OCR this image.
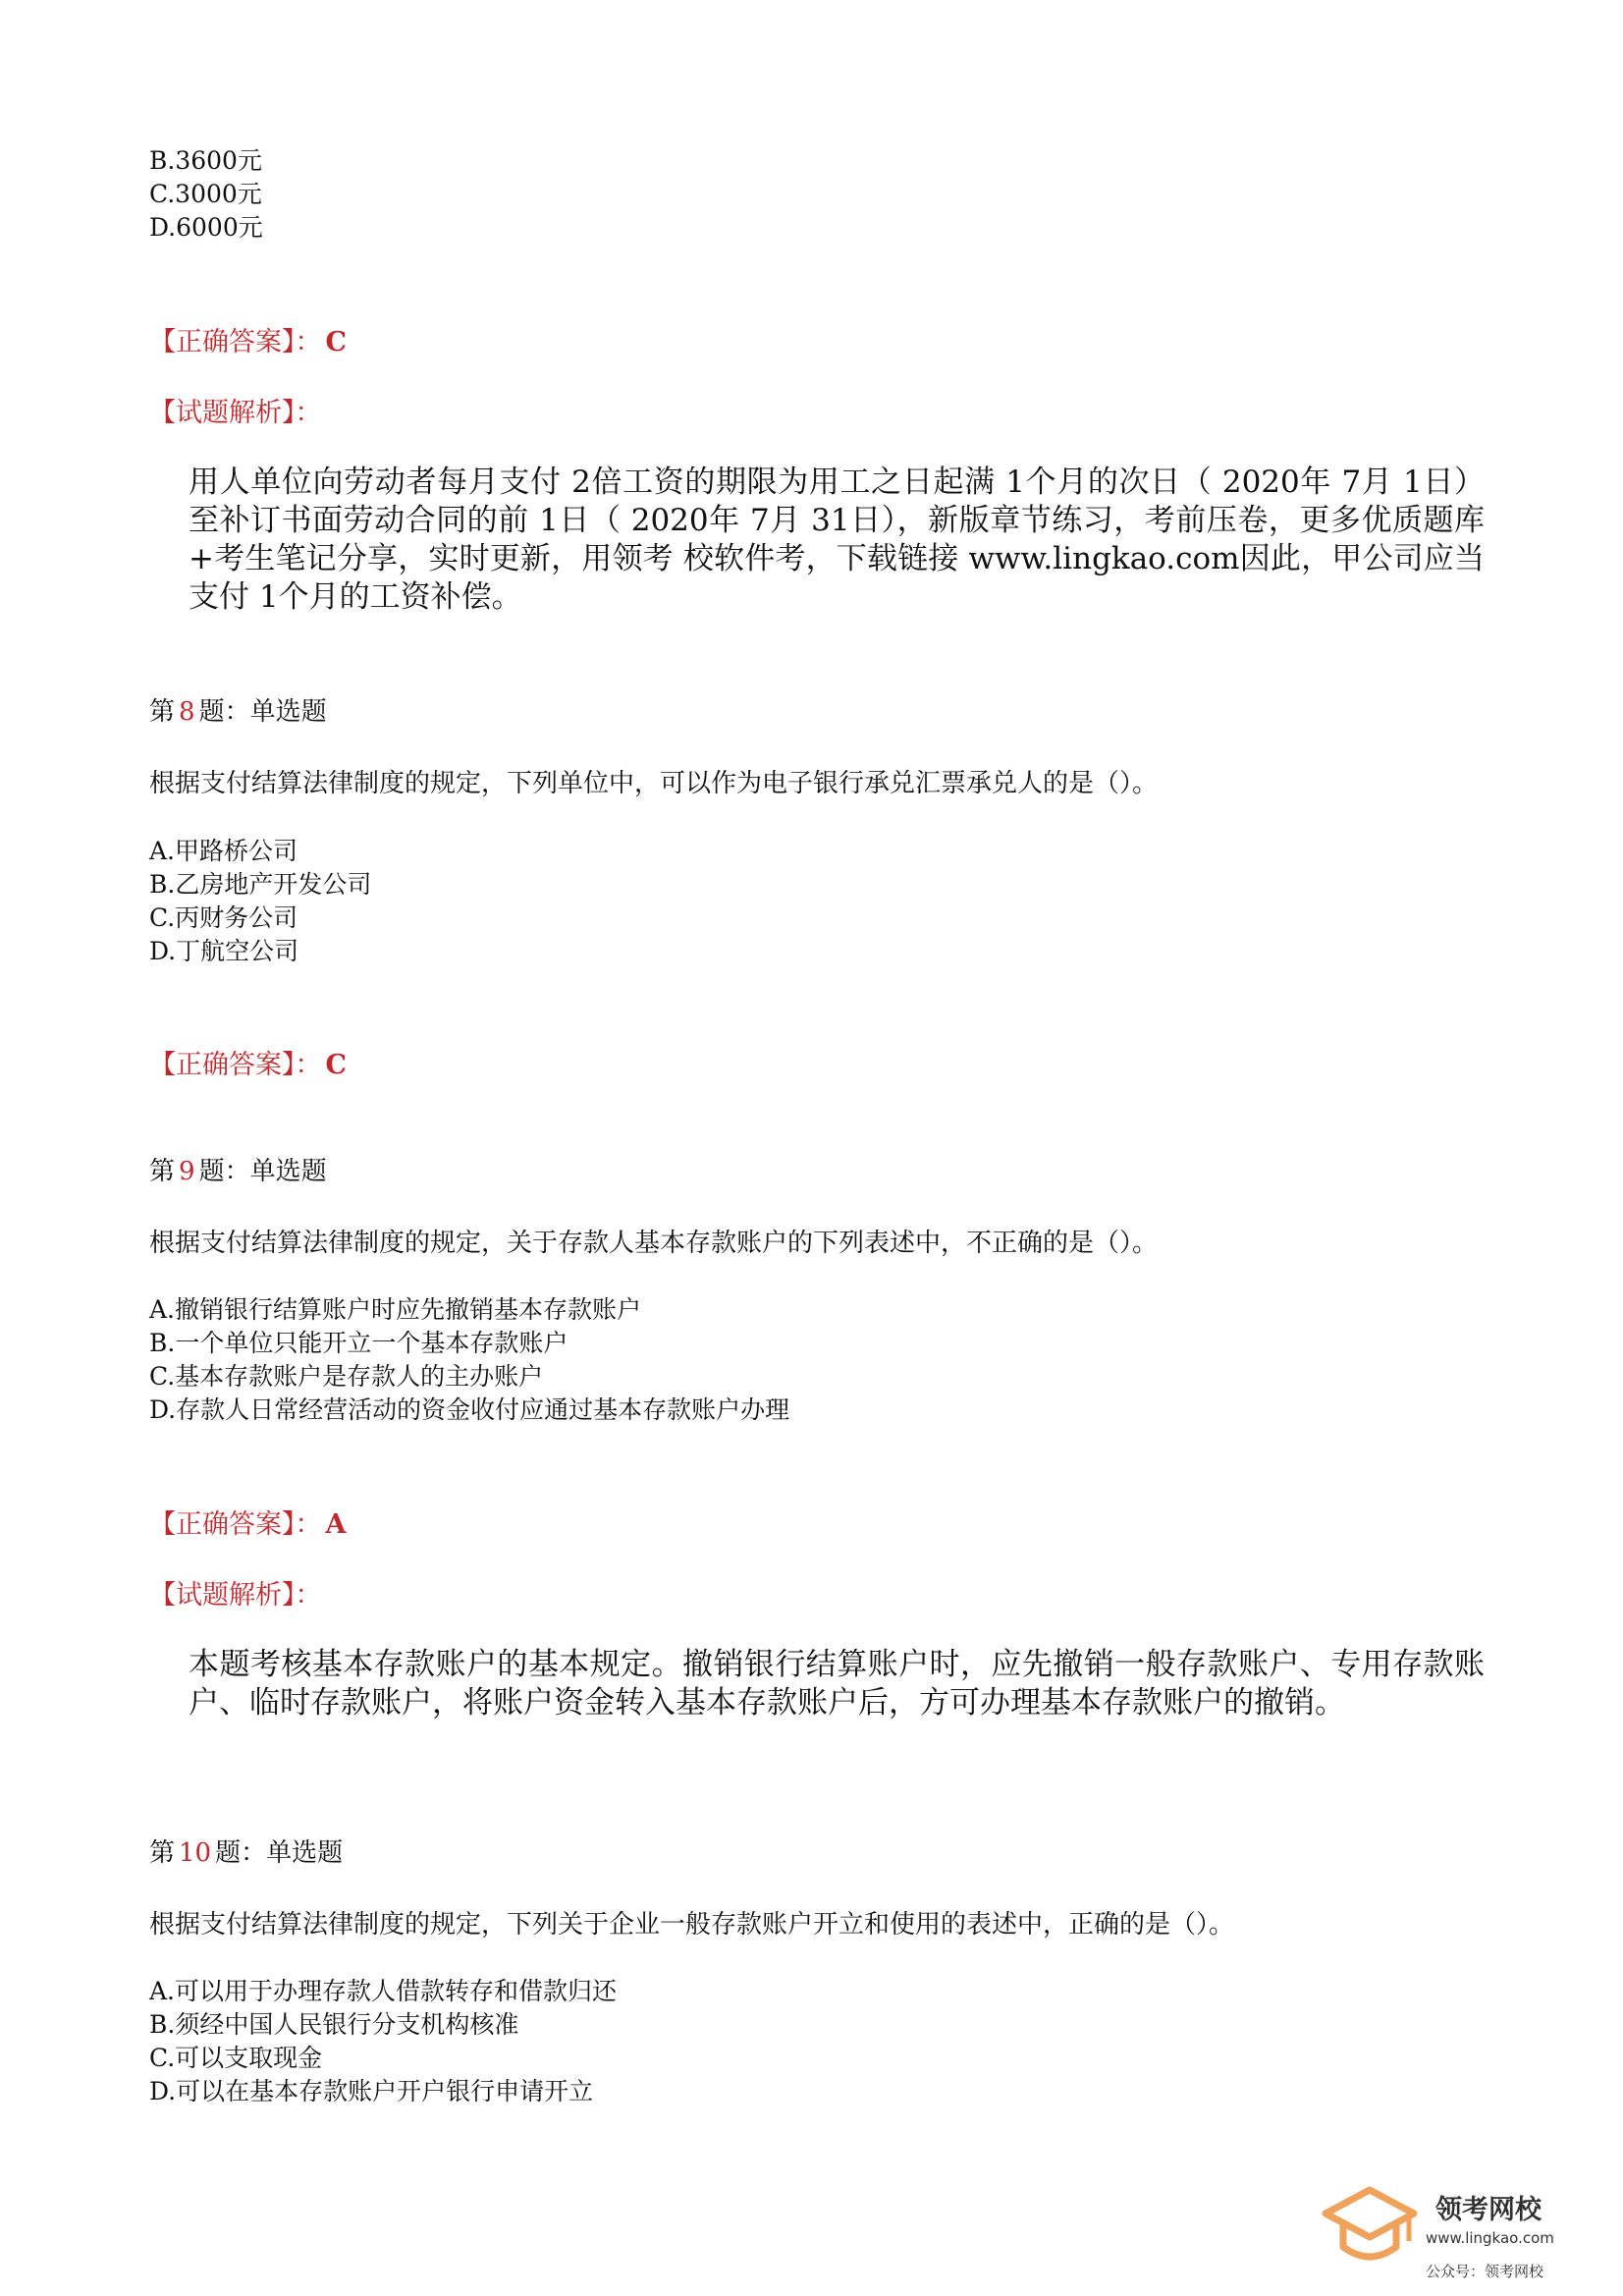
B.3600元
C.3000元
D.6000元
【正确答案】： C
【试题解析】：
用人单位向劳动者每月支付 2倍工资的期限为用工之日起满 1个月的次日（ 2020年 7月 1日）至补订书面劳动合同的前 1日（ 2020年 7月 31日），新版章节练习，考前压卷，更多优质题库+考生笔记分享，实时更新，用领考 校软件考，下载链接 www.lingkao.com因此，甲公司应当支付 1个月的工资补偿。
第 8 题：单选题
根据支付结算法律制度的规定，下列单位中，可以作为电子银行承兑汇票承兑人的是（）。
A.甲路桥公司
B.乙房地产开发公司
C.丙财务公司
D.丁航空公司
【正确答案】： C
第 9 题：单选题
根据支付结算法律制度的规定，关于存款人基本存款账户的下列表述中，不正确的是（）。
A.撤销银行结算账户时应先撤销基本存款账户
B.一个单位只能开立一个基本存款账户
C.基本存款账户是存款人的主办账户
D.存款人日常经营活动的资金收付应通过基本存款账户办理
【正确答案】： A
【试题解析】：
本题考核基本存款账户的基本规定。撤销银行结算账户时，应先撤销一般存款账户、专用存款账户、临时存款账户，将账户资金转入基本存款账户后，方可办理基本存款账户的撤销。
第 10 题：单选题
根据支付结算法律制度的规定，下列关于企业一般存款账户开立和使用的表述中，正确的是（）。
A.可以用于办理存款人借款转存和借款归还
B.须经中国人民银行分支机构核准
C.可以支取现金
D.可以在基本存款账户开户银行申请开立
领考网校
www.lingkao.com
公众号：领考网校
